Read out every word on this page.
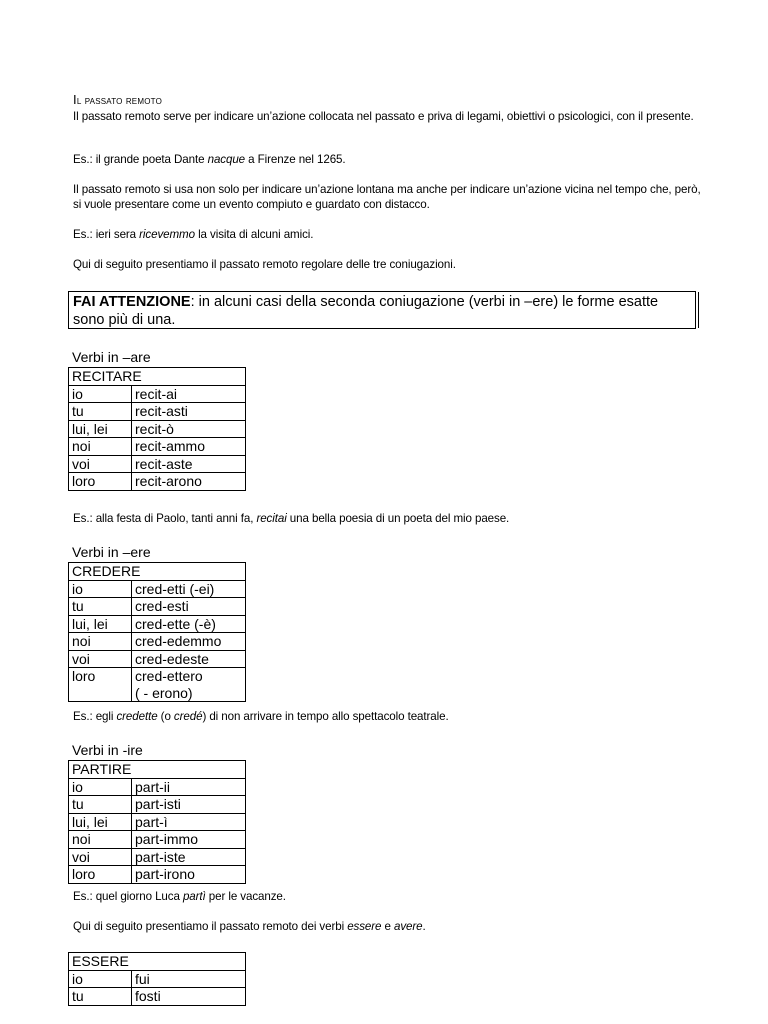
Il passato remoto

Il passato remoto serve per indicare un’azione collocata nel passato e priva di legami, obiettivi o psicologici, con il presente.

Es.: il grande poeta Dante nacque a Firenze nel 1265.

Il passato remoto si usa non solo per indicare un’azione lontana ma anche per indicare un’azione vicina nel tempo che, però, si vuole presentare come un evento compiuto e guardato con distacco.

Es.: ieri sera ricevemmo la visita di alcuni amici.

Qui di seguito presentiamo il passato remoto regolare delle tre coniugazioni.

FAI ATTENZIONE: in alcuni casi della seconda coniugazione (verbi in –ere) le forme esatte sono più di una.

Verbi in –are

RECITARE	
io	recit-ai
tu	recit-asti
lui, lei	recit-ò
noi	recit-ammo
voi	recit-aste
loro	recit-arono

Es.: alla festa di Paolo, tanti anni fa, recitai una bella poesia di un poeta del mio paese.

Verbi in –ere

CREDERE	
io	cred-etti (-ei)
tu	cred-esti
lui, lei	cred-ette (-è)
noi	cred-edemmo
voi	cred-edeste
loro	cred-ettero
( - erono)

Es.: egli credette (o credé) di non arrivare in tempo allo spettacolo teatrale.

Verbi in -ire

PARTIRE	
io	part-ii
tu	part-isti
lui, lei	part-ì
noi	part-immo
voi	part-iste
loro	part-irono

Es.: quel giorno Luca partì per le vacanze.

Qui di seguito presentiamo il passato remoto dei verbi essere e avere.

ESSERE	
io	fui
tu	fosti
